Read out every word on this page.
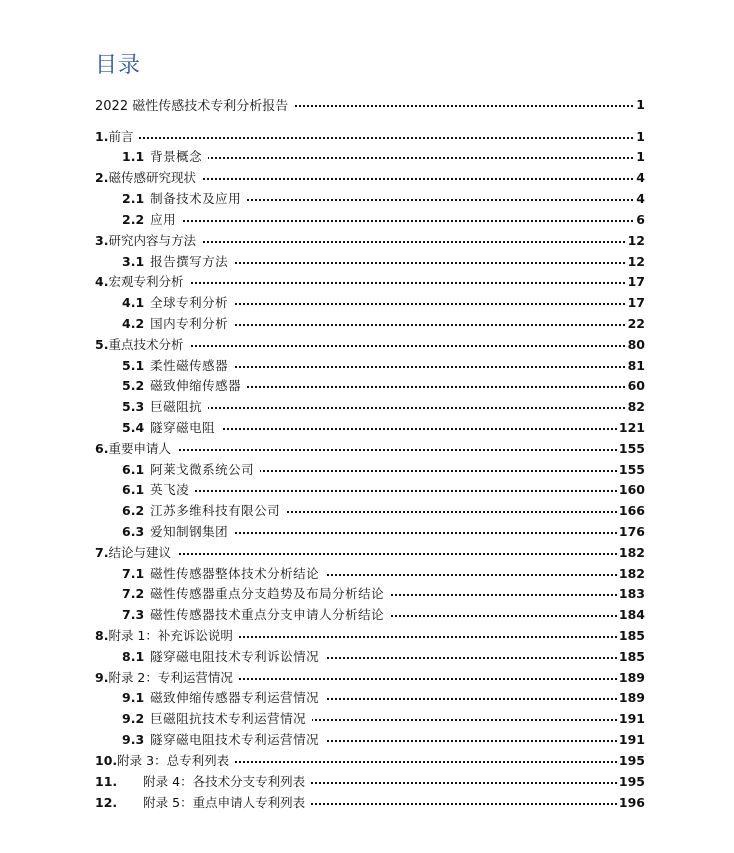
目录
2022 磁性传感技术专利分析报告	1
1. 前言	1
1.1 背景概念	1
2. 磁传感研究现状	4
2.1 制备技术及应用	4
2.2 应用	6
3. 研究内容与方法	12
3.1 报告撰写方法	12
4. 宏观专利分析	17
4.1 全球专利分析	17
4.2 国内专利分析	22
5. 重点技术分析	80
5.1 柔性磁传感器	81
5.2 磁致伸缩传感器	60
5.3 巨磁阻抗	82
5.4 隧穿磁电阻	121
6. 重要申请人	155
6.1 阿莱戈微系统公司	155
6.1 英飞凌	160
6.2 江苏多维科技有限公司	166
6.3 爱知制钢集团	176
7. 结论与建议	182
7.1 磁性传感器整体技术分析结论	182
7.2 磁性传感器重点分支趋势及布局分析结论	183
7.3 磁性传感器技术重点分支申请人分析结论	184
8. 附录 1：补充诉讼说明	185
8.1 隧穿磁电阻技术专利诉讼情况	185
9. 附录 2：专利运营情况	189
9.1 磁致伸缩传感器专利运营情况	189
9.2 巨磁阻抗技术专利运营情况	191
9.3 隧穿磁电阻技术专利运营情况	191
10. 附录 3：总专利列表	195
11. 附录 4：各技术分支专利列表	195
12. 附录 5：重点申请人专利列表	196
